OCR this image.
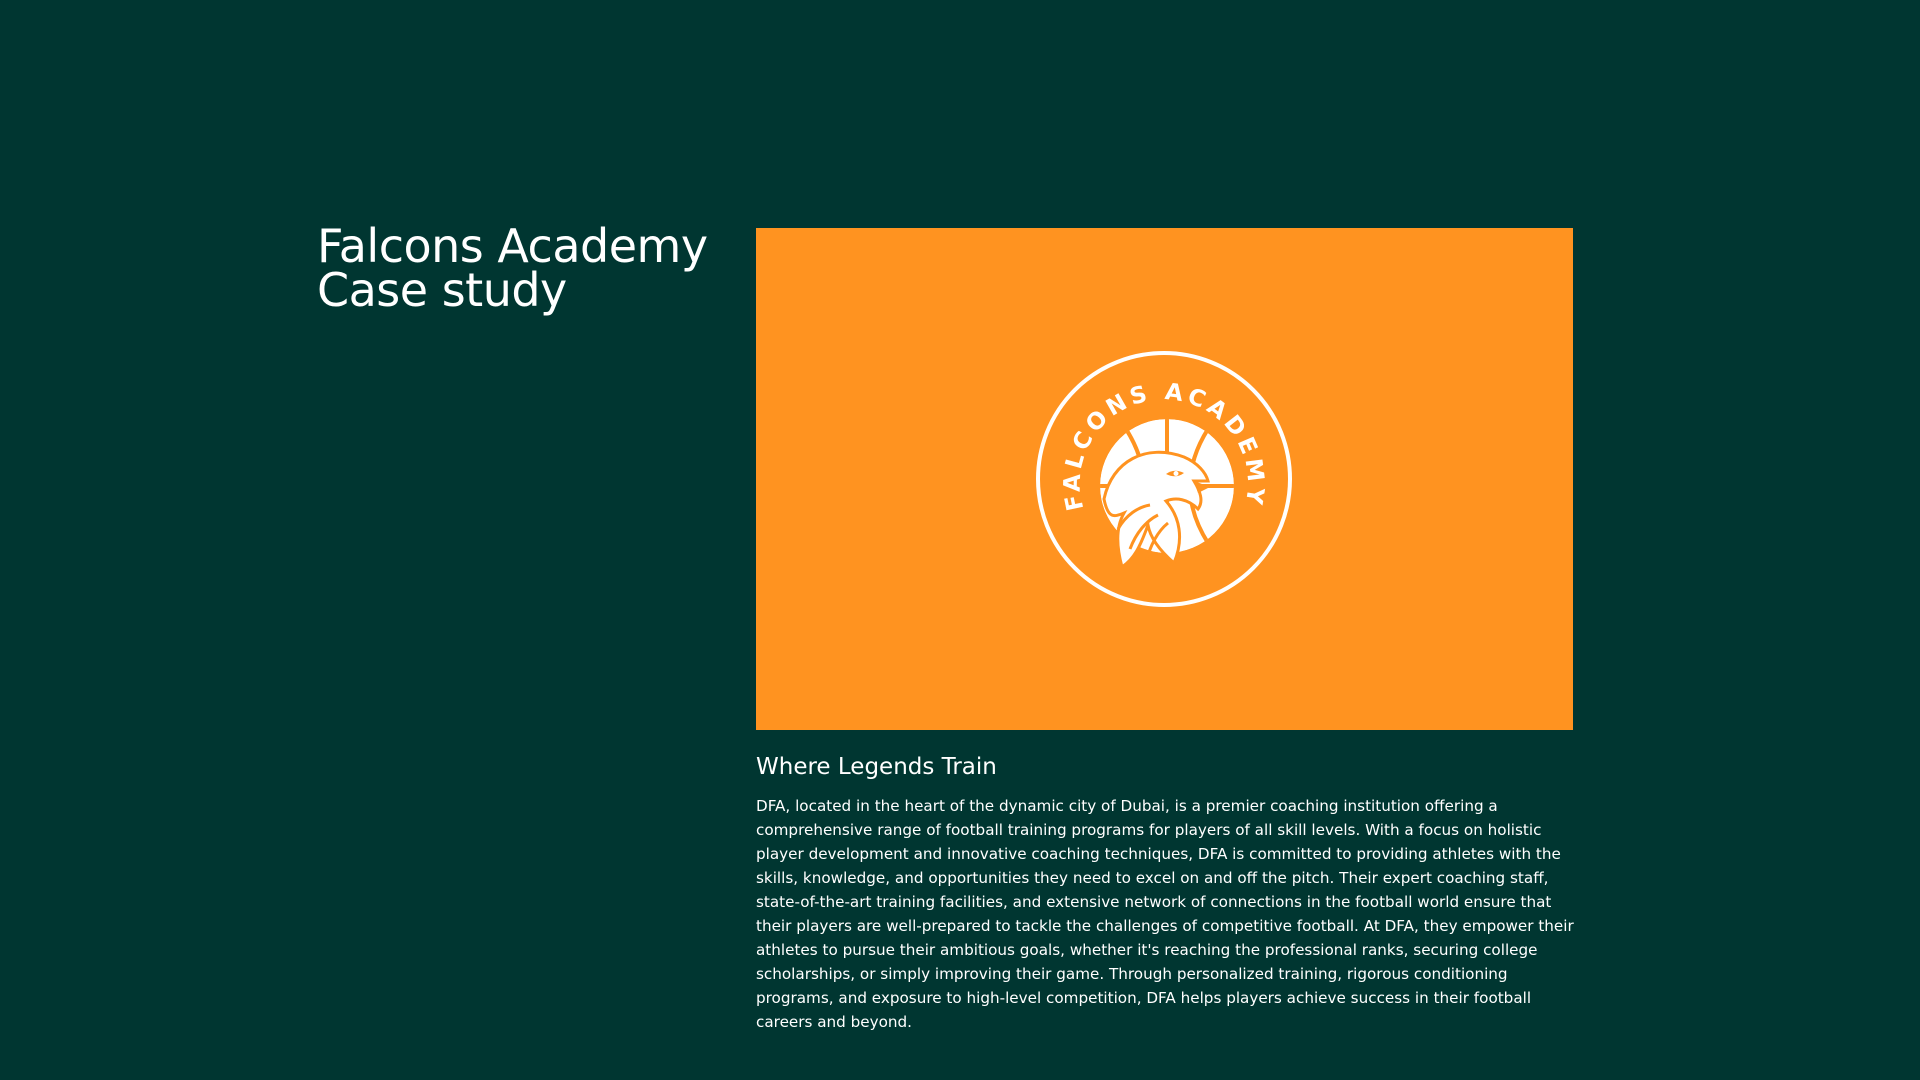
Falcons Academy
Case study
FALCONS ACADEMY
Where Legends Train

DFA, located in the heart of the dynamic city of Dubai, is a premier coaching institution offering a comprehensive range of football training programs for players of all skill levels. With a focus on holistic player development and innovative coaching techniques, DFA is committed to providing athletes with the skills, knowledge, and opportunities they need to excel on and off the pitch. Their expert coaching staff, state-of-the-art training facilities, and extensive network of connections in the football world ensure that their players are well-prepared to tackle the challenges of competitive football. At DFA, they empower their athletes to pursue their ambitious goals, whether it's reaching the professional ranks, securing college scholarships, or simply improving their game. Through personalized training, rigorous conditioning programs, and exposure to high-level competition, DFA helps players achieve success in their football careers and beyond.
